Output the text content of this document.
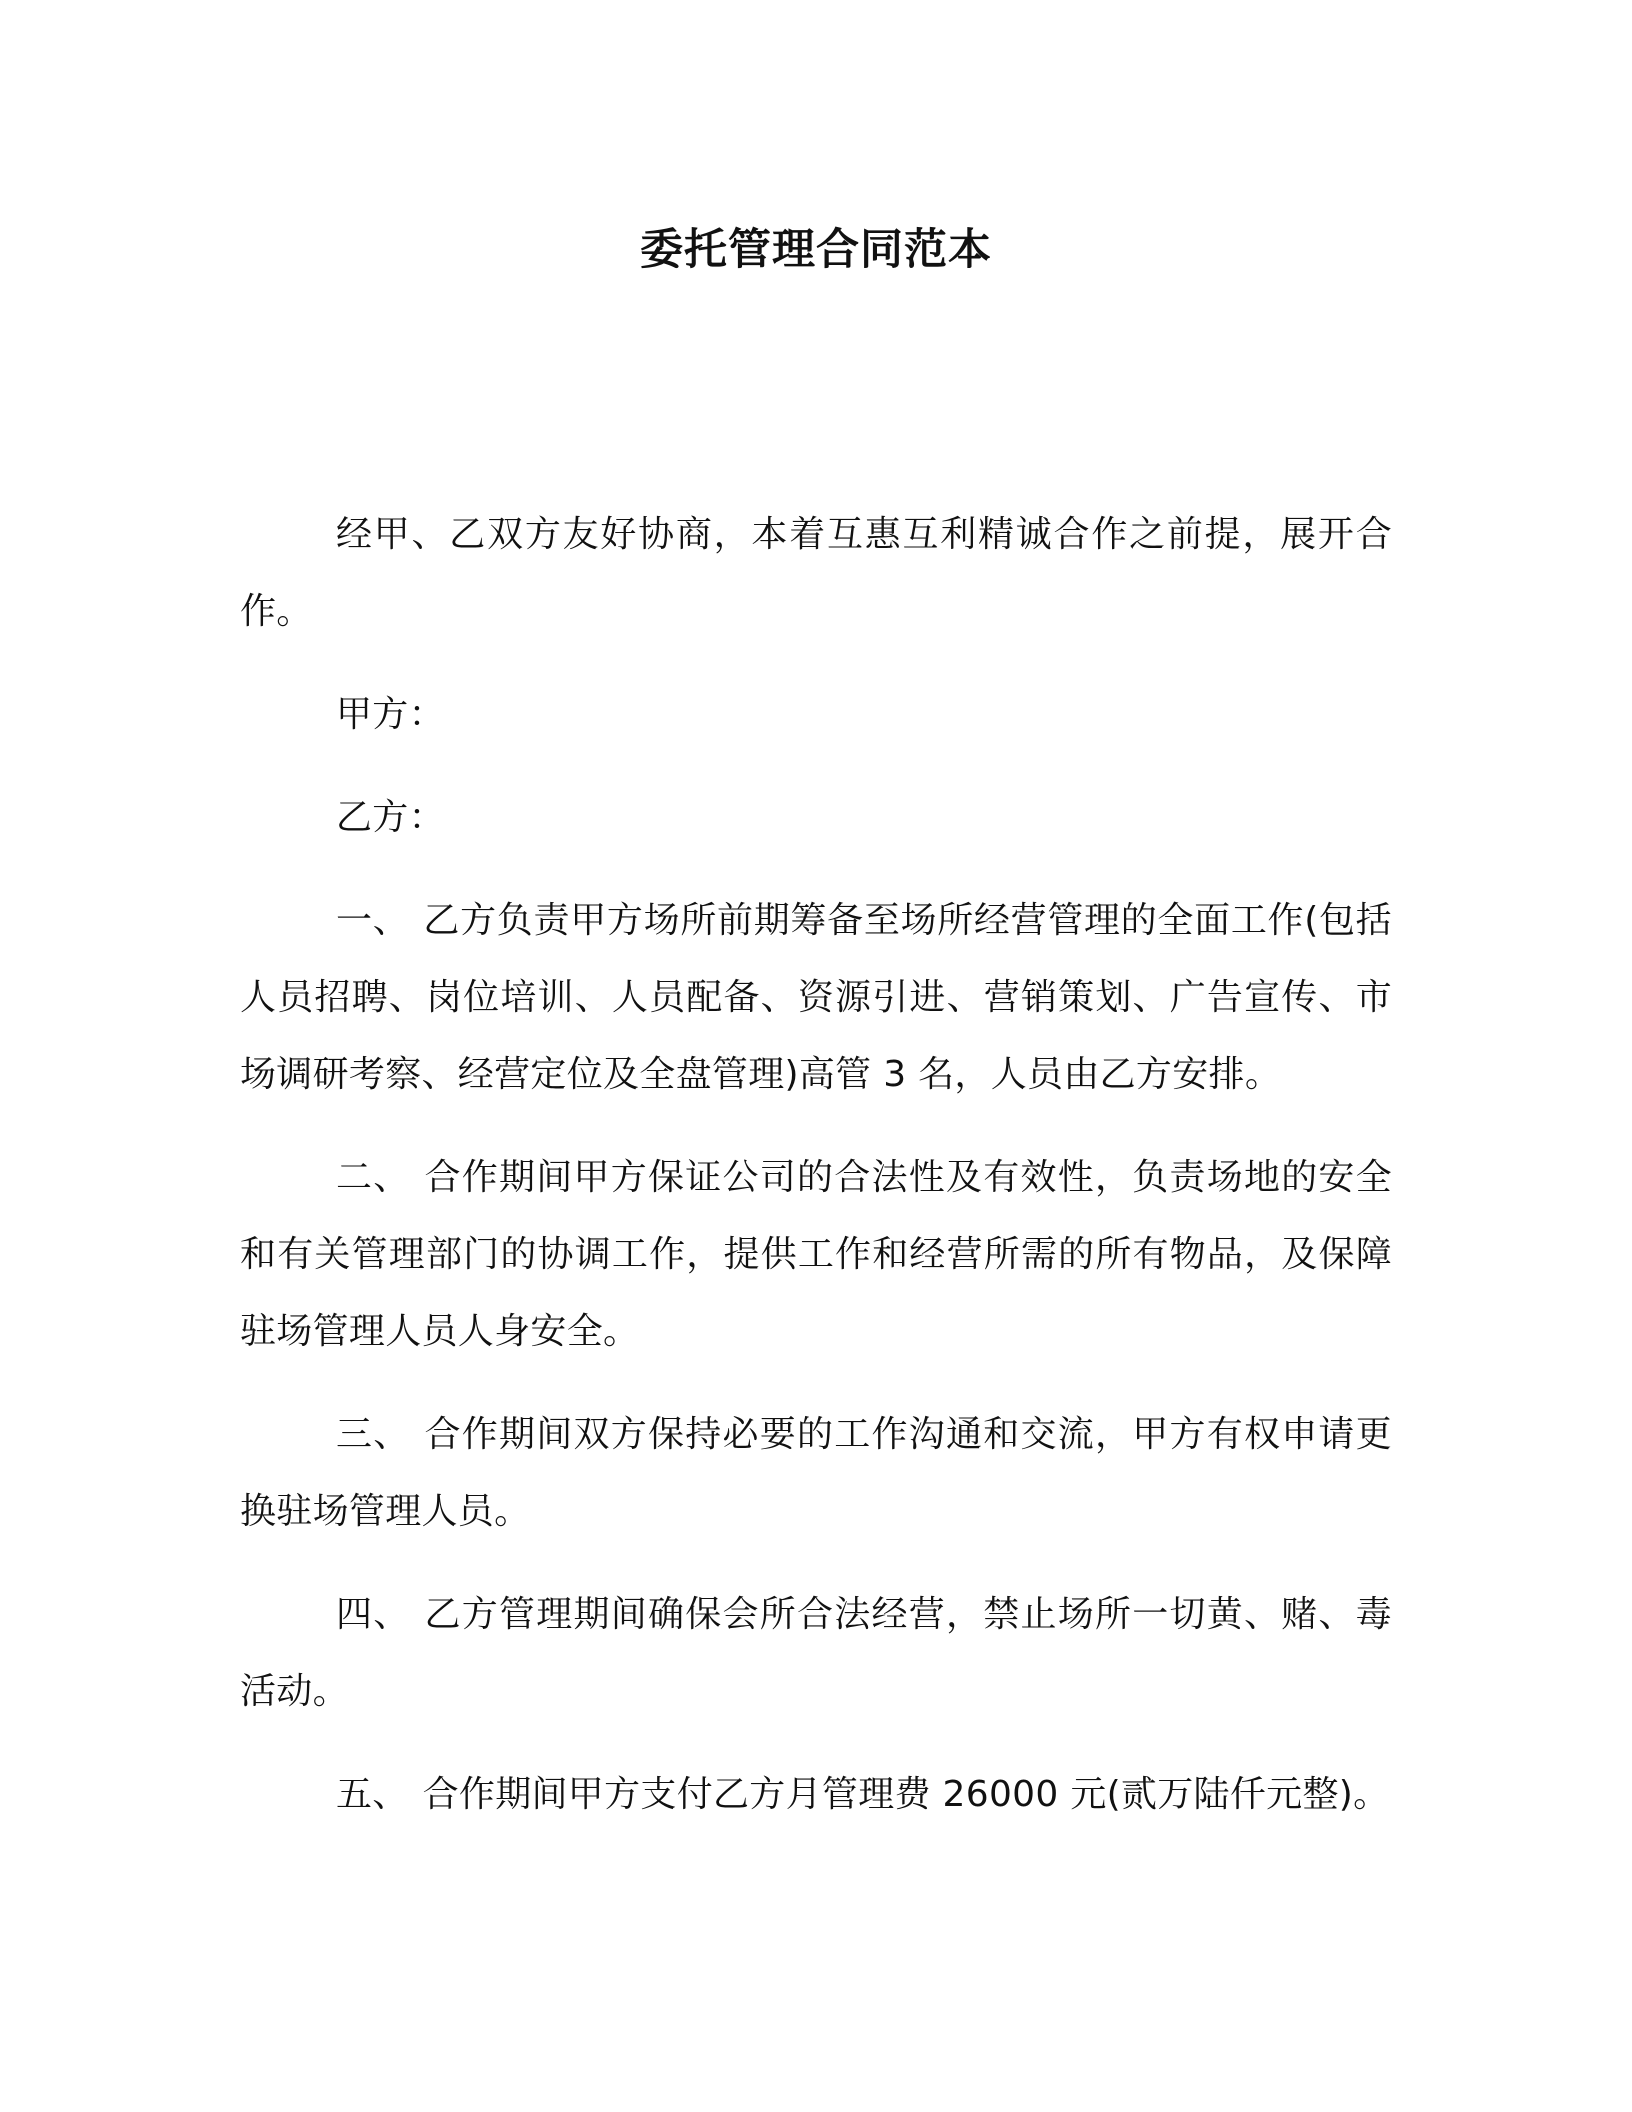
委托管理合同范本

经甲、乙双方友好协商，本着互惠互利精诚合作之前提，展开合作。

甲方：

乙方：

一、 乙方负责甲方场所前期筹备至场所经营管理的全面工作(包括人员招聘、岗位培训、人员配备、资源引进、营销策划、广告宣传、市场调研考察、经营定位及全盘管理)高管 3 名，人员由乙方安排。

二、 合作期间甲方保证公司的合法性及有效性，负责场地的安全和有关管理部门的协调工作，提供工作和经营所需的所有物品，及保障驻场管理人员人身安全。

三、 合作期间双方保持必要的工作沟通和交流，甲方有权申请更换驻场管理人员。

四、 乙方管理期间确保会所合法经营，禁止场所一切黄、赌、毒活动。

五、 合作期间甲方支付乙方月管理费 26000 元(贰万陆仟元整)。
